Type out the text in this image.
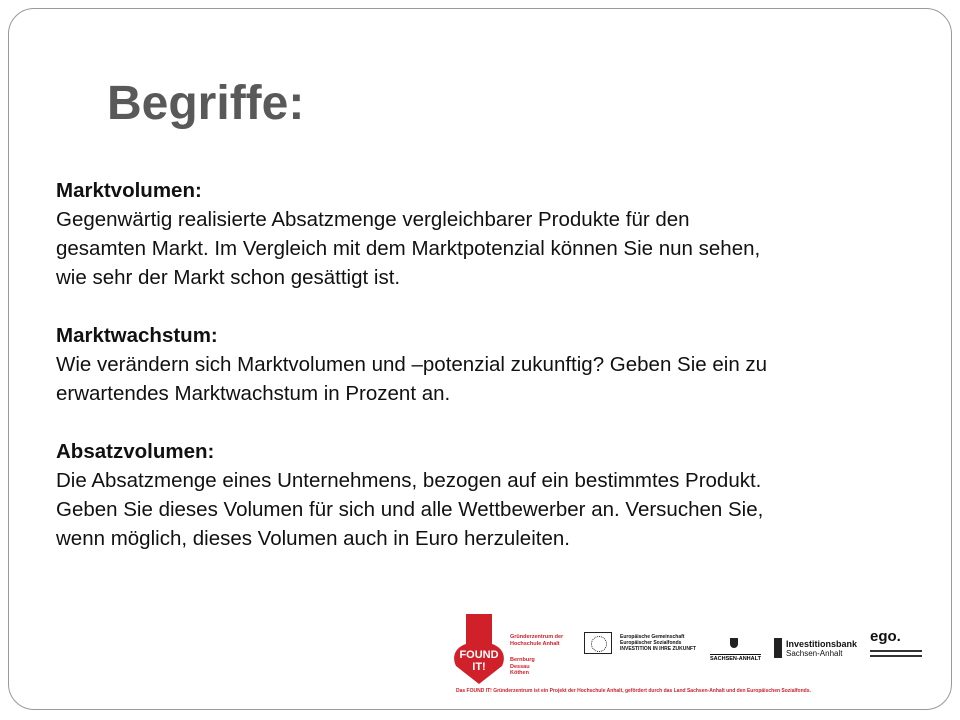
Begriffe:
Marktvolumen:

Gegenwärtig realisierte Absatzmenge vergleichbarer Produkte für den

gesamten Markt. Im Vergleich mit dem Marktpotenzial können Sie nun sehen,

wie sehr der Markt schon gesättigt ist.

Marktwachstum:

Wie verändern sich Marktvolumen und –potenzial zukunftig? Geben Sie ein zu

erwartendes Marktwachstum in Prozent an.

Absatzvolumen:

Die Absatzmenge eines Unternehmens, bezogen auf ein bestimmtes Produkt.

Geben Sie dieses Volumen für sich und alle Wettbewerber an. Versuchen Sie,

wenn möglich, dieses Volumen auch in Euro herzuleiten.

FOUND
IT!
Gründerzentrum der
Hochschule Anhalt
Bernburg
Dessau
Köthen
Europäische Gemeinschaft
Europäischer Sozialfonds
INVESTITION IN IHRE ZUKUNFT
SACHSEN-ANHALT
Investitionsbank
Sachsen-Anhalt
ego.
Das FOUND IT! Gründerzentrum ist ein Projekt der Hochschule Anhalt, gefördert durch das Land Sachsen-Anhalt und den Europäischen Sozialfonds.
